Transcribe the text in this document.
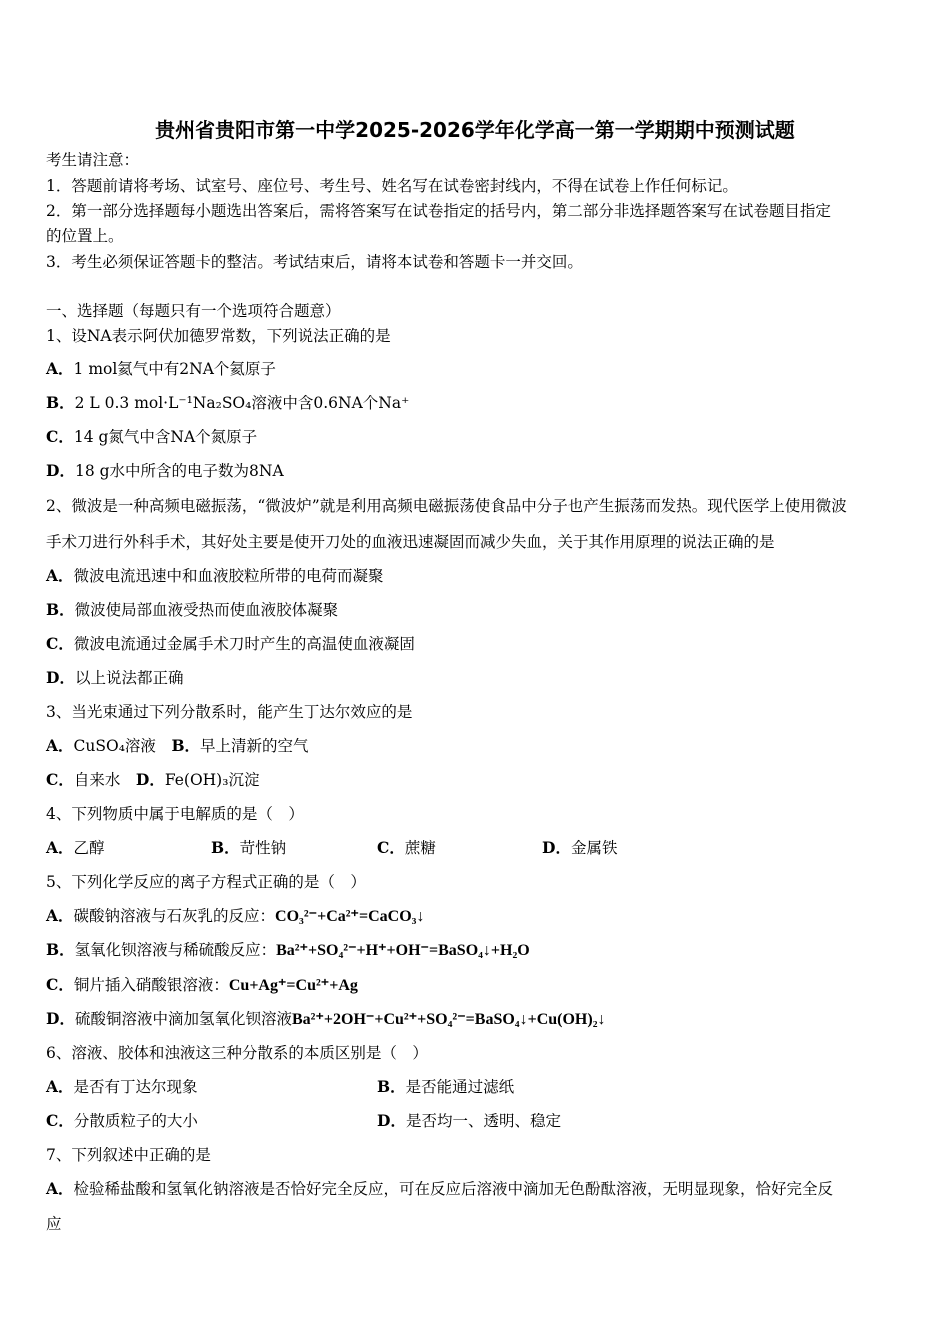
贵州省贵阳市第一中学2025-2026学年化学高一第一学期期中预测试题
考生请注意：
1．答题前请将考场、试室号、座位号、考生号、姓名写在试卷密封线内，不得在试卷上作任何标记。
2．第一部分选择题每小题选出答案后，需将答案写在试卷指定的括号内，第二部分非选择题答案写在试卷题目指定
的位置上。
3．考生必须保证答题卡的整洁。考试结束后，请将本试卷和答题卡一并交回。
一、选择题（每题只有一个选项符合题意）
1、设NA表示阿伏加德罗常数，下列说法正确的是
A．1 mol氦气中有2NA个氦原子
B．2 L 0.3 mol·L⁻¹Na₂SO₄溶液中含0.6NA个Na⁺
C．14 g氮气中含NA个氮原子
D．18 g水中所含的电子数为8NA
2、微波是一种高频电磁振荡，“微波炉”就是利用高频电磁振荡使食品中分子也产生振荡而发热。现代医学上使用微波
手术刀进行外科手术，其好处主要是使开刀处的血液迅速凝固而减少失血，关于其作用原理的说法正确的是
A．微波电流迅速中和血液胶粒所带的电荷而凝聚
B．微波使局部血液受热而使血液胶体凝聚
C．微波电流通过金属手术刀时产生的高温使血液凝固
D．以上说法都正确
3、当光束通过下列分散系时，能产生丁达尔效应的是
A．CuSO₄溶液　 B．早上清新的空气
C．自来水　 D．Fe(OH)₃沉淀
4、下列物质中属于电解质的是（　）
A．乙醇	B．苛性钠	C．蔗糖	D．金属铁
5、下列化学反应的离子方程式正确的是（　）
A．碳酸钠溶液与石灰乳的反应：CO₃²⁻+Ca²⁺=CaCO₃↓
B．氢氧化钡溶液与稀硫酸反应：Ba²⁺+SO₄²⁻+H⁺+OH⁻=BaSO₄↓+H₂O
C．铜片插入硝酸银溶液：Cu+Ag⁺=Cu²⁺+Ag
D．硫酸铜溶液中滴加氢氧化钡溶液Ba²⁺+2OH⁻+Cu²⁺+SO₄²⁻=BaSO₄↓+Cu(OH)₂↓
6、溶液、胶体和浊液这三种分散系的本质区别是（　）
A．是否有丁达尔现象	B．是否能通过滤纸
C．分散质粒子的大小	D．是否均一、透明、稳定
7、下列叙述中正确的是
A．检验稀盐酸和氢氧化钠溶液是否恰好完全反应，可在反应后溶液中滴加无色酚酞溶液，无明显现象，恰好完全反
应
